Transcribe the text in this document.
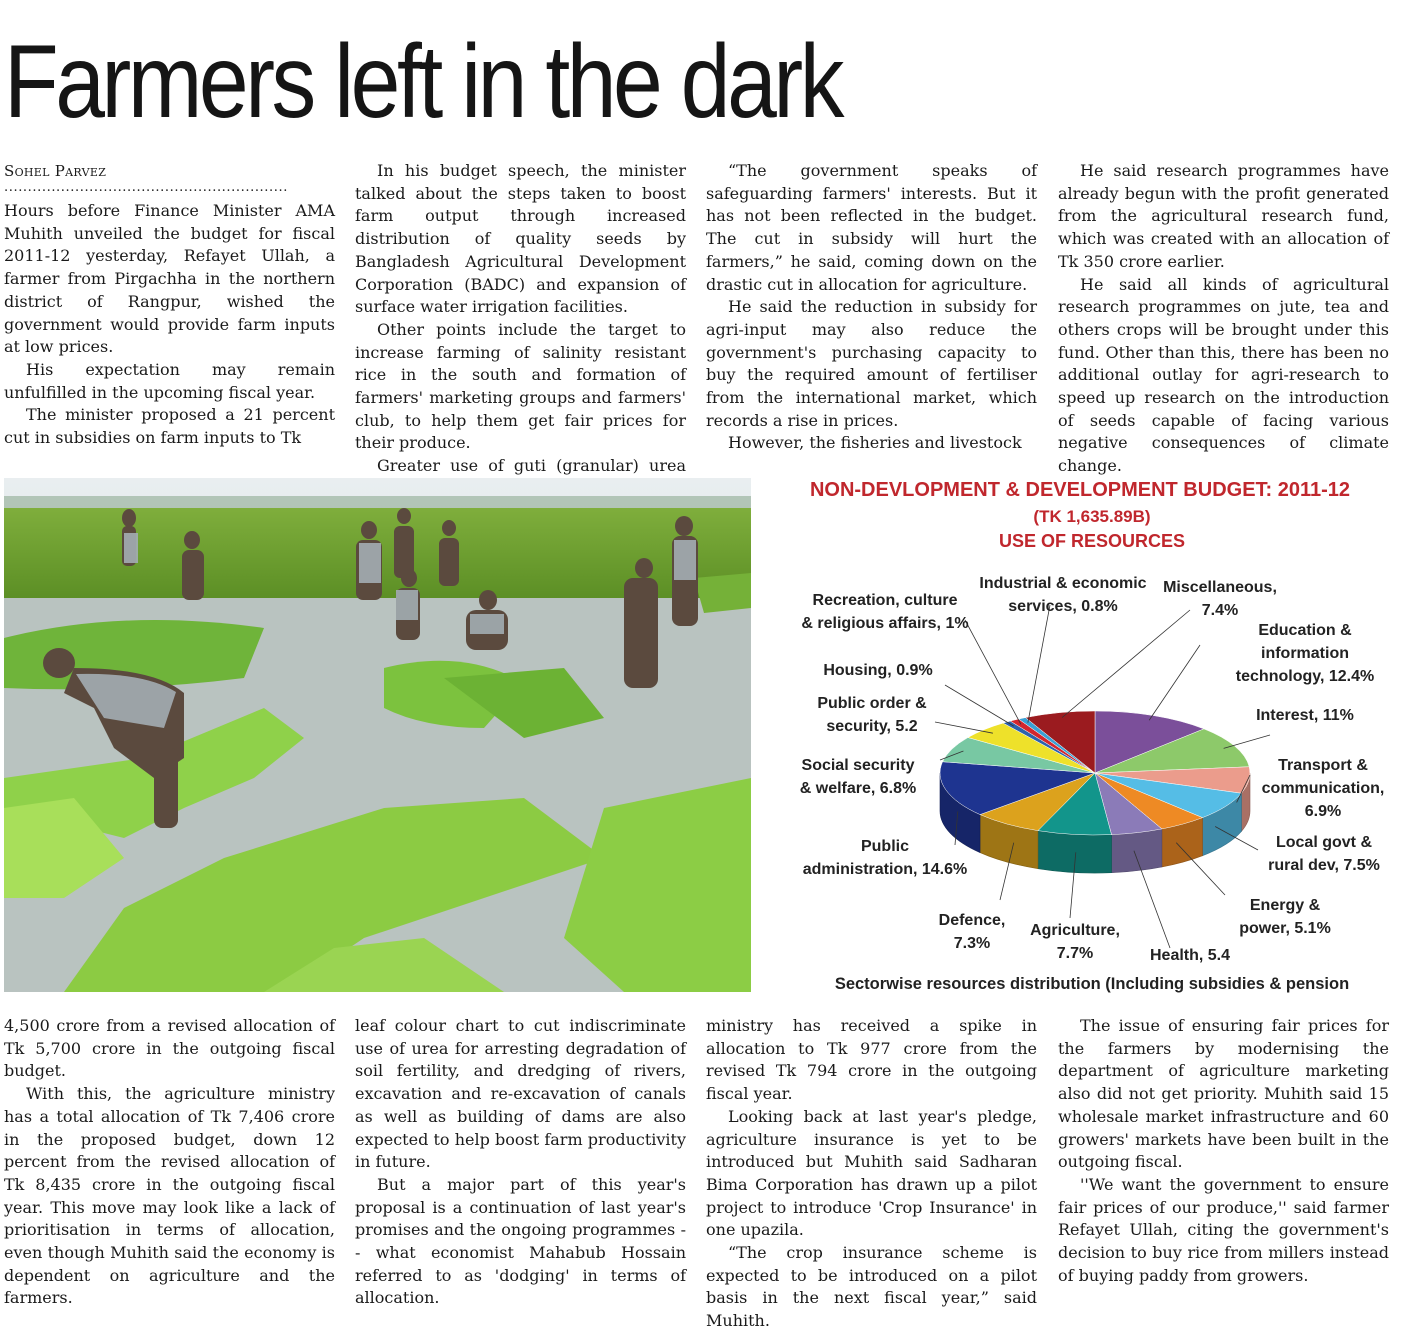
Farmers left in the dark
Sohel Parvez
............................................................

Hours before Finance Minister AMA Muhith unveiled the budget for fiscal 2011-12 yesterday, Refayet Ullah, a farmer from Pirgachha in the northern district of Rangpur, wished the government would provide farm inputs at low prices.

His expectation may remain unfulfilled in the upcoming fiscal year.

The minister proposed a 21 percent cut in subsidies on farm inputs to Tk

In his budget speech, the minister talked about the steps taken to boost farm output through increased distribution of quality seeds by Bangladesh Agricultural Development Corporation (BADC) and expansion of surface water irrigation facilities.

Other points include the target to increase farming of salinity resistant rice in the south and formation of farmers' marketing groups and farmers' club, to help them get fair prices for their produce.

Greater use of guti (granular) urea

“The government speaks of safeguarding farmers' interests. But it has not been reflected in the budget. The cut in subsidy will hurt the farmers,” he said, coming down on the drastic cut in allocation for agriculture.

He said the reduction in subsidy for agri-input may also reduce the government's purchasing capacity to buy the required amount of fertiliser from the international market, which records a rise in prices.

However, the fisheries and livestock

He said research programmes have already begun with the profit generated from the agricultural research fund, which was created with an allocation of Tk 350 crore earlier.

He said all kinds of agricultural research programmes on jute, tea and others crops will be brought under this fund. Other than this, there has been no additional outlay for agri-research to speed up research on the introduction of seeds capable of facing various negative consequences of climate change.

NON-DEVLOPMENT & DEVELOPMENT BUDGET: 2011-12
(TK 1,635.89B)
USE OF RESOURCES
Education & information technology, 12.4%
Interest, 11%
Transport & communication, 6.9%
Local govt & rural dev, 7.5%
Energy & power, 5.1%
Health, 5.4
Agriculture, 7.7%
Defence, 7.3%
Public administration, 14.6%
Social security & welfare, 6.8%
Public order & security, 5.2
Housing, 0.9%
Recreation, culture & religious affairs, 1%
Industrial & economic services, 0.8%
Miscellaneous, 7.4%
Sectorwise resources distribution (Including subsidies & pension

4,500 crore from a revised allocation of Tk 5,700 crore in the outgoing fiscal budget.

With this, the agriculture ministry has a total allocation of Tk 7,406 crore in the proposed budget, down 12 percent from the revised allocation of Tk 8,435 crore in the outgoing fiscal year. This move may look like a lack of prioritisation in terms of allocation, even though Muhith said the economy is dependent on agriculture and the farmers.

leaf colour chart to cut indiscriminate use of urea for arresting degradation of soil fertility, and dredging of rivers, excavation and re-excavation of canals as well as building of dams are also expected to help boost farm productivity in future.

But a major part of this year's proposal is a continuation of last year's promises and the ongoing programmes -- what economist Mahabub Hossain referred to as 'dodging' in terms of allocation.

ministry has received a spike in allocation to Tk 977 crore from the revised Tk 794 crore in the outgoing fiscal year.

Looking back at last year's pledge, agriculture insurance is yet to be introduced but Muhith said Sadharan Bima Corporation has drawn up a pilot project to introduce 'Crop Insurance' in one upazila.

“The crop insurance scheme is expected to be introduced on a pilot basis in the next fiscal year,” said Muhith.

The issue of ensuring fair prices for the farmers by modernising the department of agriculture marketing also did not get priority. Muhith said 15 wholesale market infrastructure and 60 growers' markets have been built in the outgoing fiscal.

''We want the government to ensure fair prices of our produce,'' said farmer Refayet Ullah, citing the government's decision to buy rice from millers instead of buying paddy from growers.
